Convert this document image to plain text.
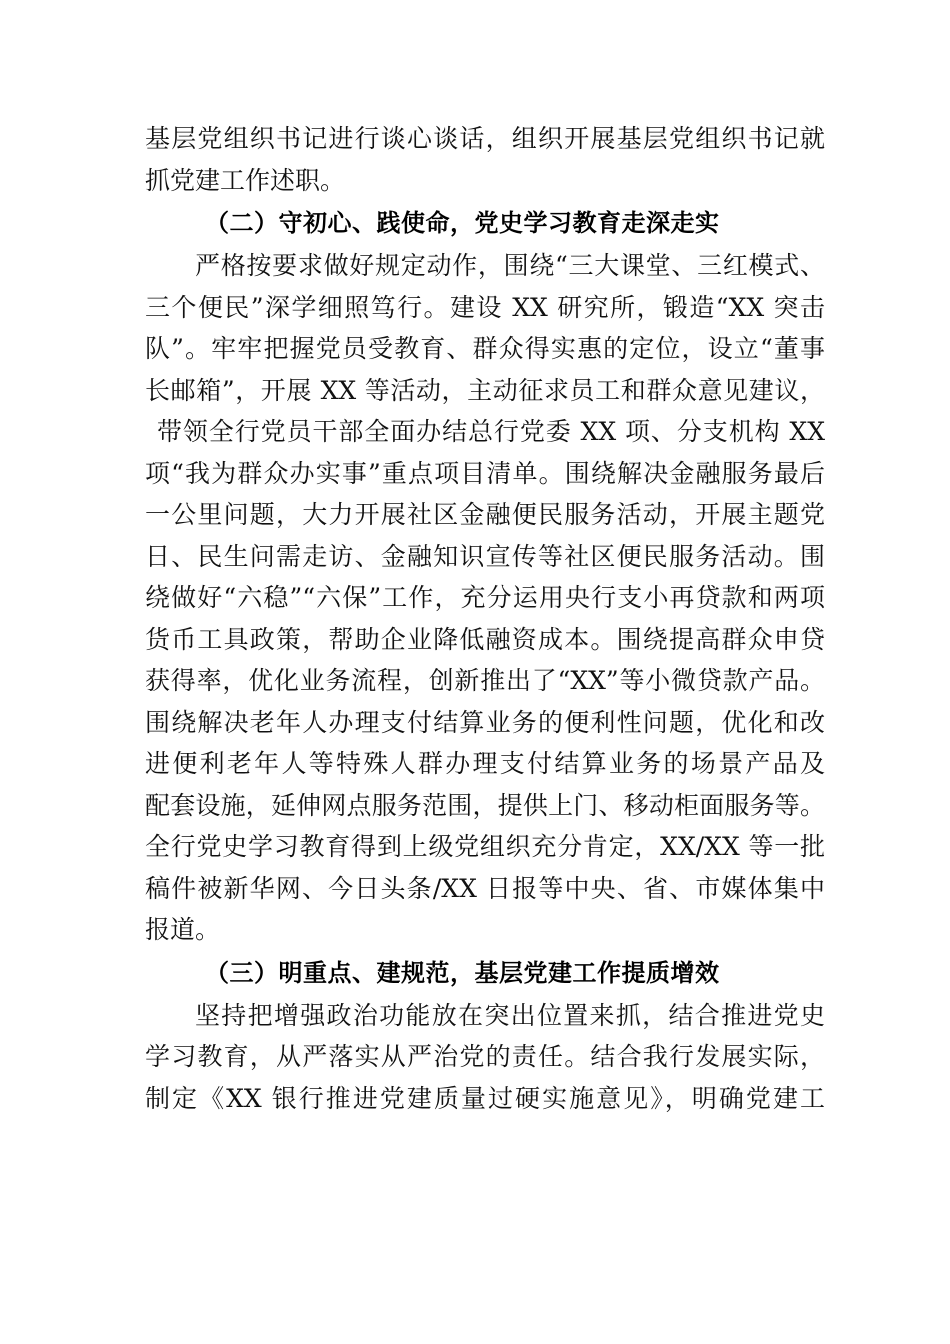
基层党组织书记进行谈心谈话，组织开展基层党组织书记就
抓党建工作述职。
（二）守初心、践使命，党史学习教育走深走实
严格按要求做好规定动作，围绕“三大课堂、三红模式、
三个便民”深学细照笃行。建设 XX 研究所，锻造“XX 突击
队”。牢牢把握党员受教育、群众得实惠的定位，设立“董事
长邮箱”，开展 XX 等活动，主动征求员工和群众意见建议，
带领全行党员干部全面办结总行党委 XX 项、分支机构 XX
项“我为群众办实事”重点项目清单。围绕解决金融服务最后
一公里问题，大力开展社区金融便民服务活动，开展主题党
日、民生问需走访、金融知识宣传等社区便民服务活动。围
绕做好“六稳”“六保”工作，充分运用央行支小再贷款和两项
货币工具政策，帮助企业降低融资成本。围绕提高群众申贷
获得率，优化业务流程，创新推出了“XX”等小微贷款产品。
围绕解决老年人办理支付结算业务的便利性问题，优化和改
进便利老年人等特殊人群办理支付结算业务的场景产品及
配套设施，延伸网点服务范围，提供上门、移动柜面服务等。
全行党史学习教育得到上级党组织充分肯定，XX/XX 等一批
稿件被新华网、今日头条/XX 日报等中央、省、市媒体集中
报道。
（三）明重点、建规范，基层党建工作提质增效
坚持把增强政治功能放在突出位置来抓，结合推进党史
学习教育，从严落实从严治党的责任。结合我行发展实际，
制定《XX 银行推进党建质量过硬实施意见》，明确党建工
